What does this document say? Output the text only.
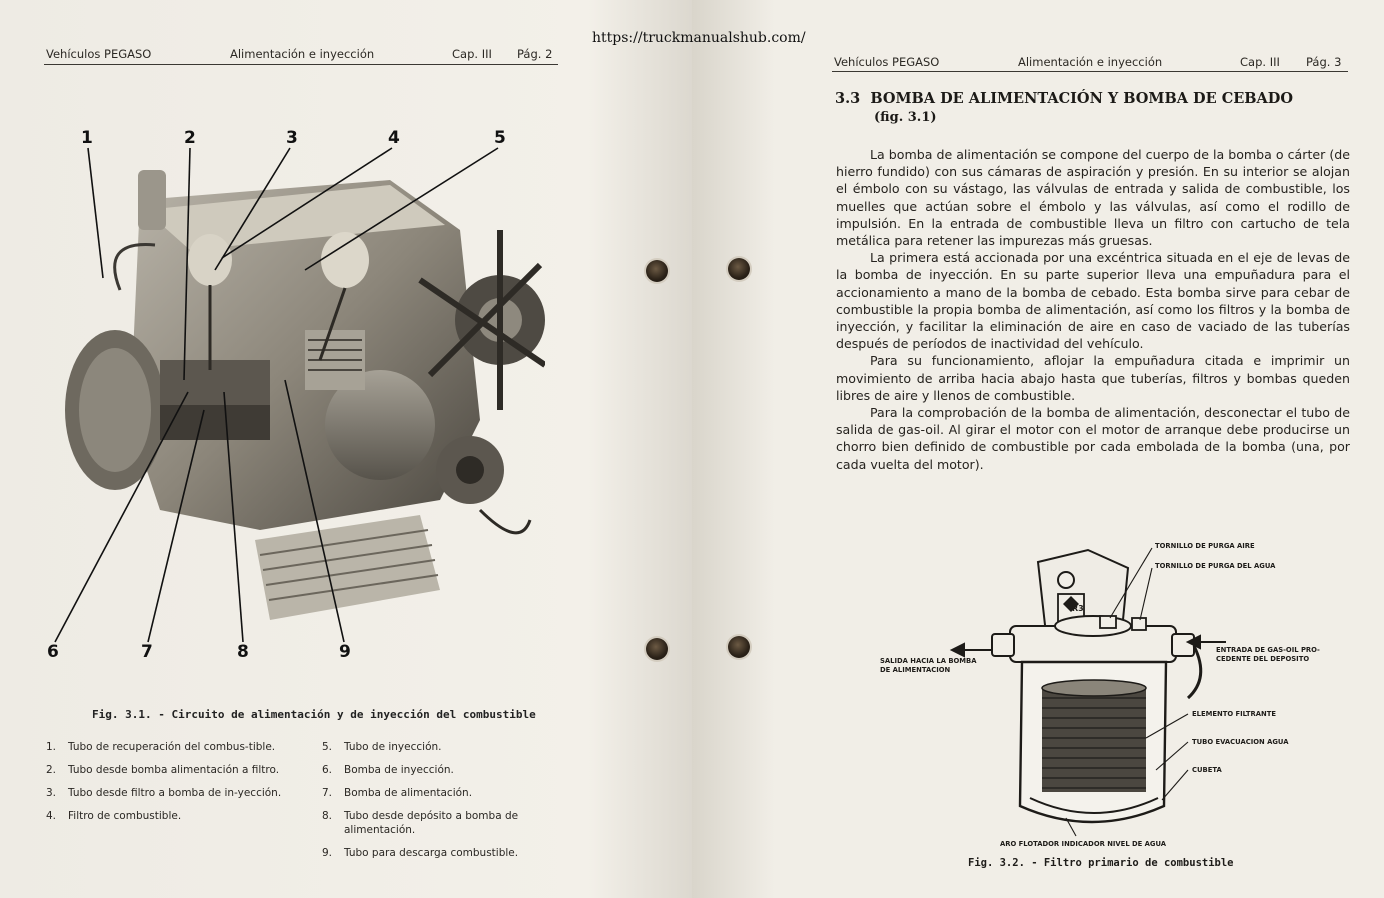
Vehículos PEGASO	Alimentación e inyección	Cap. III Pág. 2
1	2	3	4	5
6	7	8	9
Fig. 3.1. - Circuito de alimentación y de inyección del combustible
1. Tubo de recuperación del combus-tible.
2. Tubo desde bomba alimentación a filtro.
3. Tubo desde filtro a bomba de in-yección.
4. Filtro de combustible.
5. Tubo de inyección.
6. Bomba de inyección.
7. Bomba de alimentación.
8. Tubo desde depósito a bomba de alimentación.
9. Tubo para descarga combustible.
Vehículos PEGASO	Alimentación e inyección	Cap. III Pág. 3
3.3 BOMBA DE ALIMENTACIÓN Y BOMBA DE CEBADO
(fig. 3.1)

La bomba de alimentación se compone del cuerpo de la bomba o cárter (de hierro fundido) con sus cámaras de aspiración y presión. En su interior se alojan el émbolo con su vástago, las válvulas de entrada y salida de combustible, los muelles que actúan sobre el émbolo y las válvulas, así como el rodillo de impulsión. En la entrada de combustible lleva un filtro con cartucho de tela metálica para retener las impurezas más gruesas.

La primera está accionada por una excéntrica situada en el eje de levas de la bomba de inyección. En su parte superior lleva una empuñadura para el accionamiento a mano de la bomba de cebado. Esta bomba sirve para cebar de combustible la propia bomba de alimentación, así como los filtros y la bomba de inyección, y facilitar la eliminación de aire en caso de vaciado de las tuberías después de períodos de inactividad del vehículo.

Para su funcionamiento, aflojar la empuñadura citada e imprimir un movimiento de arriba hacia abajo hasta que tuberías, filtros y bombas queden libres de aire y llenos de combustible.

Para la comprobación de la bomba de alimentación, desconectar el tubo de salida de gas-oil. Al girar el motor con el motor de arranque debe producirse un chorro bien definido de combustible por cada embolada de la bomba (una, por cada vuelta del motor).

TORNILLO DE PURGA AIRE
TORNILLO DE PURGA DEL AGUA
ENTRADA DE GAS-OIL PRO-
CEDENTE DEL DEPOSITO
SALIDA HACIA LA BOMBA
DE ALIMENTACION
ELEMENTO FILTRANTE
TUBO EVACUACION AGUA
CUBETA
ARO FLOTADOR INDICADOR NIVEL DE AGUA
R3
Fig. 3.2. - Filtro primario de combustible
https://truckmanualshub.com/
